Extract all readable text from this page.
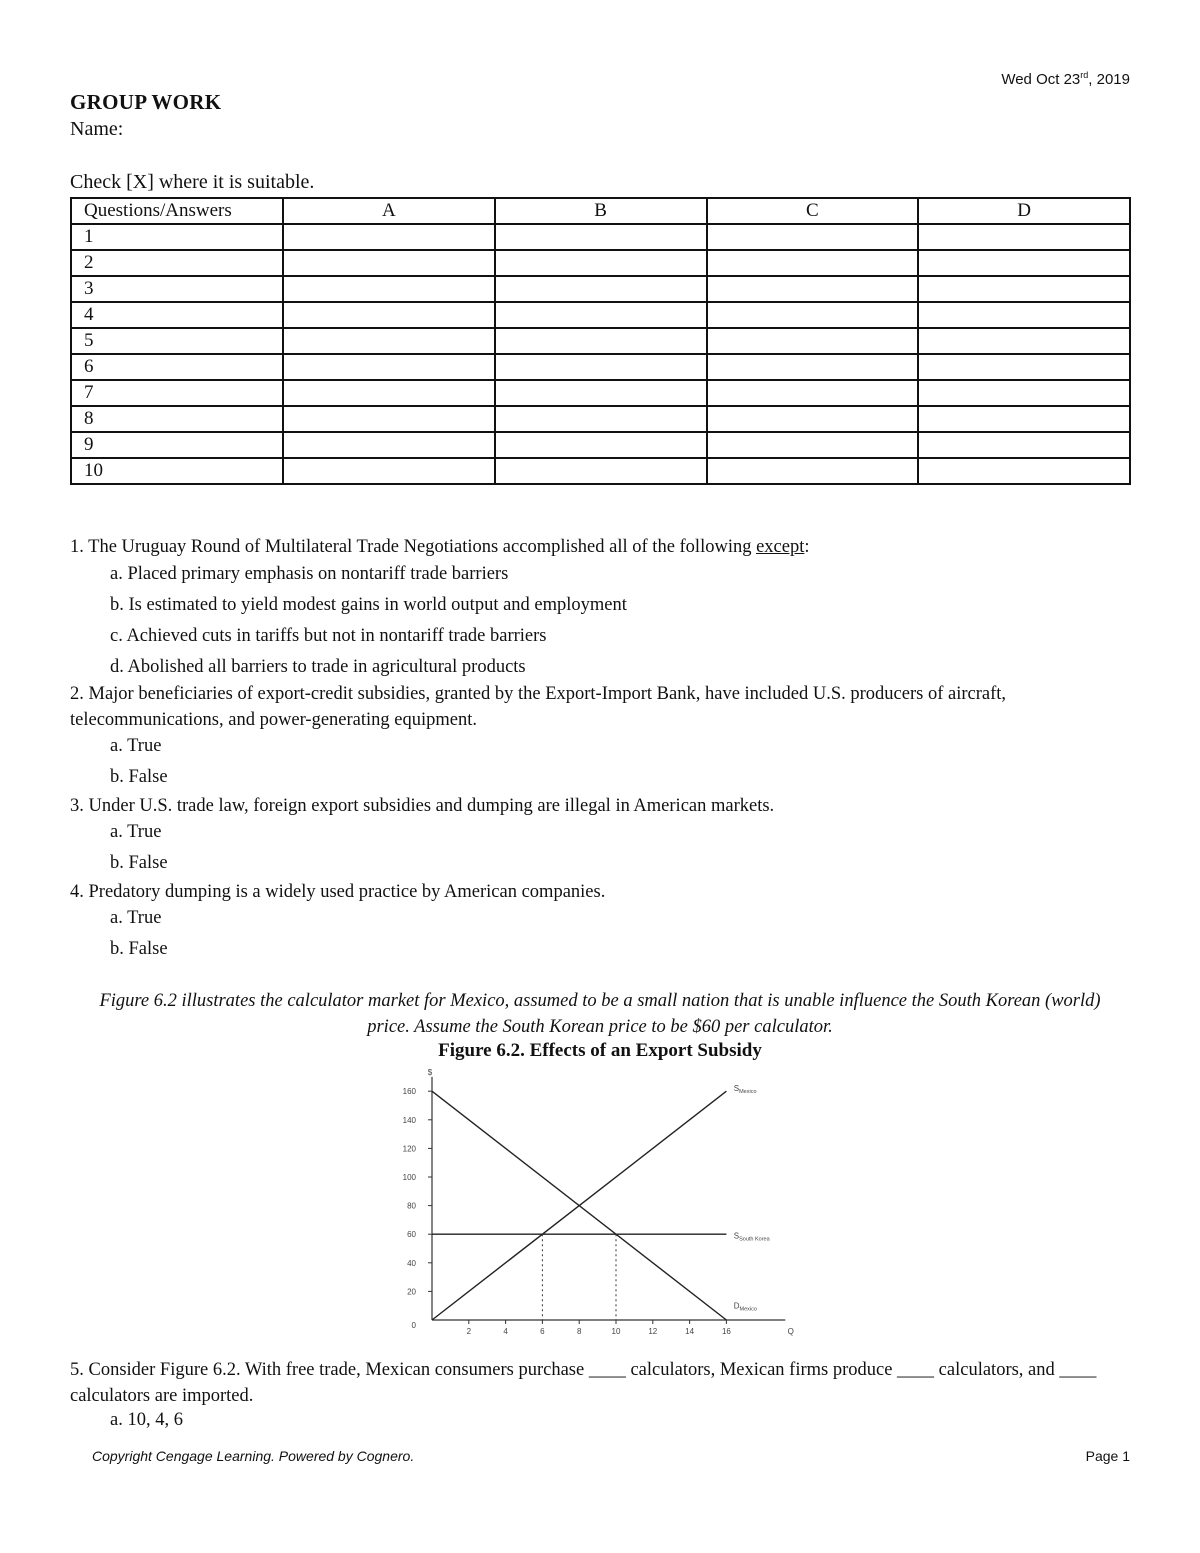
Wed Oct 23rd, 2019
GROUP WORK
Name:
Check [X] where it is suitable.
Questions/Answers	A	B	C	D
1				
2				
3				
4				
5				
6				
7				
8				
9				
10				
1. The Uruguay Round of Multilateral Trade Negotiations accomplished all of the following except:
a. Placed primary emphasis on nontariff trade barriers
b. Is estimated to yield modest gains in world output and employment
c. Achieved cuts in tariffs but not in nontariff trade barriers
d. Abolished all barriers to trade in agricultural products
2. Major beneficiaries of export-credit subsidies, granted by the Export-Import Bank, have included U.S. producers of aircraft, telecommunications, and power-generating equipment.
a. True
b. False
3. Under U.S. trade law, foreign export subsidies and dumping are illegal in American markets.
a. True
b. False
4. Predatory dumping is a widely used practice by American companies.
a. True
b. False
Figure 6.2 illustrates the calculator market for Mexico, assumed to be a small nation that is unable influence the South Korean (world) price. Assume the South Korean price to be $60 per calculator.
Figure 6.2. Effects of an Export Subsidy
$
0
20
40
60
80
100
120
140
160
2	4	6	8	10	12	14	16	Q
$S_{Mexico}$
$D_{Mexico}$
$S_{South Korea}$
5. Consider Figure 6.2. With free trade, Mexican consumers purchase ____ calculators, Mexican firms produce ____ calculators, and ____ calculators are imported.
a. 10, 4, 6
Copyright Cengage Learning. Powered by Cognero.	Page 1
